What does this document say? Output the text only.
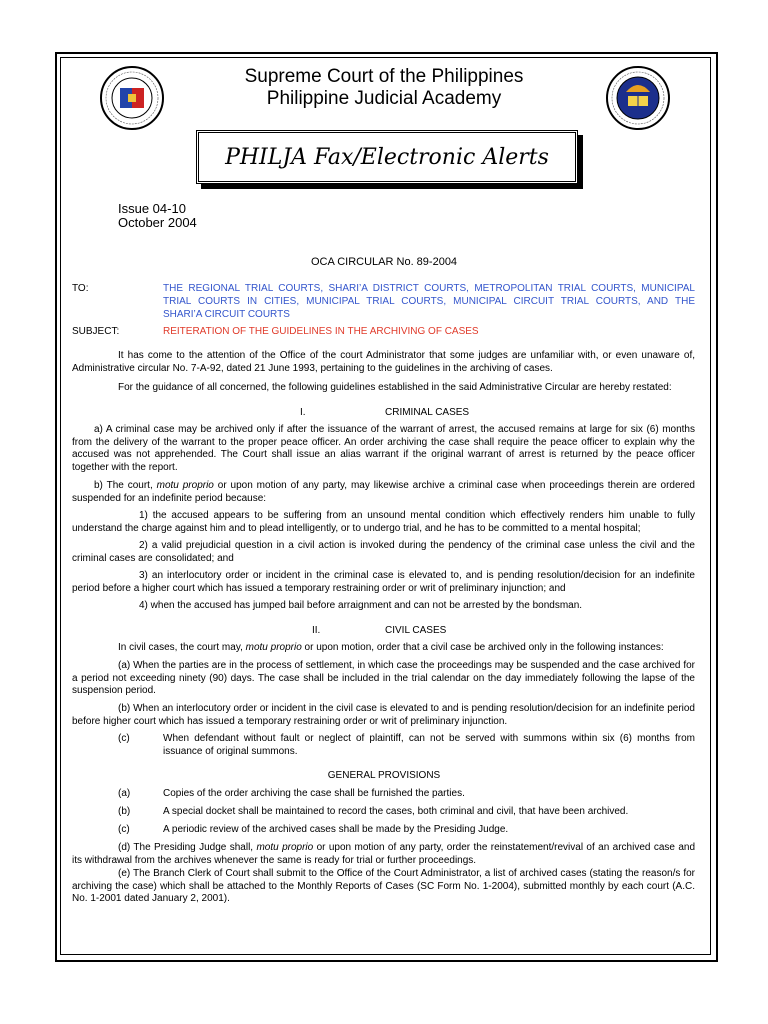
Supreme Court of the Philippines
Philippine Judicial Academy
PHILJA Fax/Electronic Alerts
Issue 04-10
October 2004
OCA CIRCULAR No. 89-2004
TO:	THE REGIONAL TRIAL COURTS, SHARI’A DISTRICT COURTS, METROPOLITAN TRIAL COURTS, MUNICIPAL
TRIAL COURTS IN CITIES, MUNICIPAL TRIAL COURTS, MUNICIPAL CIRCUIT TRIAL COURTS, AND THE
SHARI’A CIRCUIT COURTS
SUBJECT:	REITERATION OF THE GUIDELINES IN THE ARCHIVING OF CASES
It has come to the attention of the Office of the court Administrator that some judges are unfamiliar with, or even unaware of, Administrative circular No. 7-A-92, dated 21 June 1993, pertaining to the guidelines in the archiving of cases.
For the guidance of all concerned, the following guidelines established in the said Administrative Circular are hereby restated:
I.	CRIMINAL CASES
a) A criminal case may be archived only if after the issuance of the warrant of arrest, the accused remains at large for six (6) months from the delivery of the warrant to the proper peace officer. An order archiving the case shall require the peace officer to explain why the accused was not apprehended. The Court shall issue an alias warrant if the original warrant of arrest is returned by the peace officer together with the report.
b) The court, motu proprio or upon motion of any party, may likewise archive a criminal case when proceedings therein are ordered suspended for an indefinite period because:
1) the accused appears to be suffering from an unsound mental condition which effectively renders him unable to fully understand the charge against him and to plead intelligently, or to undergo trial, and he has to be committed to a mental hospital;
2) a valid prejudicial question in a civil action is invoked during the pendency of the criminal case unless the civil and the criminal cases are consolidated; and
3) an interlocutory order or incident in the criminal case is elevated to, and is pending resolution/decision for an indefinite period before a higher court which has issued a temporary restraining order or writ of preliminary injunction; and
4) when the accused has jumped bail before arraignment and can not be arrested by the bondsman.
II.	CIVIL CASES
In civil cases, the court may, motu proprio or upon motion, order that a civil case be archived only in the following instances:
(a) When the parties are in the process of settlement, in which case the proceedings may be suspended and the case archived for a period not exceeding ninety (90) days. The case shall be included in the trial calendar on the day immediately following the lapse of the suspension period.
(b) When an interlocutory order or incident in the civil case is elevated to and is pending resolution/decision for an indefinite period before higher court which has issued a temporary restraining order or writ of preliminary injunction.
(c)	When defendant without fault or neglect of plaintiff, can not be served with summons within six (6) months from issuance of original summons.
GENERAL PROVISIONS
(a)	Copies of the order archiving the case shall be furnished the parties.
(b)	A special docket shall be maintained to record the cases, both criminal and civil, that have been archived.
(c)	A periodic review of the archived cases shall be made by the Presiding Judge.
(d) The Presiding Judge shall, motu proprio or upon motion of any party, order the reinstatement/revival of an archived case and its withdrawal from the archives whenever the same is ready for trial or further proceedings.
(e) The Branch Clerk of Court shall submit to the Office of the Court Administrator, a list of archived cases (stating the reason/s for archiving the case) which shall be attached to the Monthly Reports of Cases (SC Form No. 1-2004), submitted monthly by each court (A.C. No. 1-2001 dated January 2, 2001).
